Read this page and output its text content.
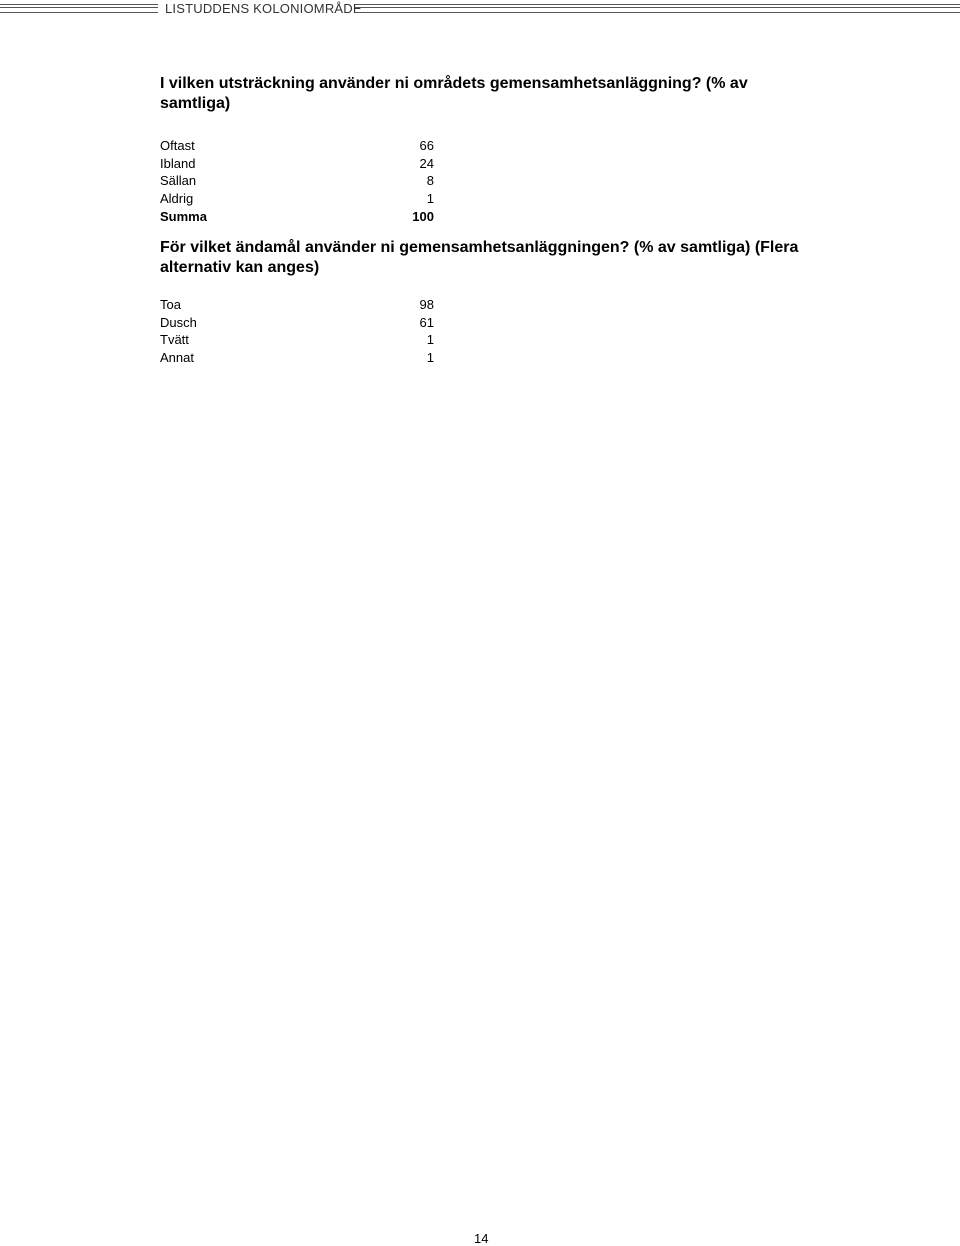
LISTUDDENS KOLONIOMRÅDE
I vilken utsträckning använder ni områdets gemensamhetsanläggning? (% av samtliga)
Oftast	66
Ibland	24
Sällan	8
Aldrig	1
Summa	100
För vilket ändamål använder ni gemensamhetsanläggningen? (% av samtliga) (Flera alternativ kan anges)
Toa	98
Dusch	61
Tvätt	1
Annat	1
14
